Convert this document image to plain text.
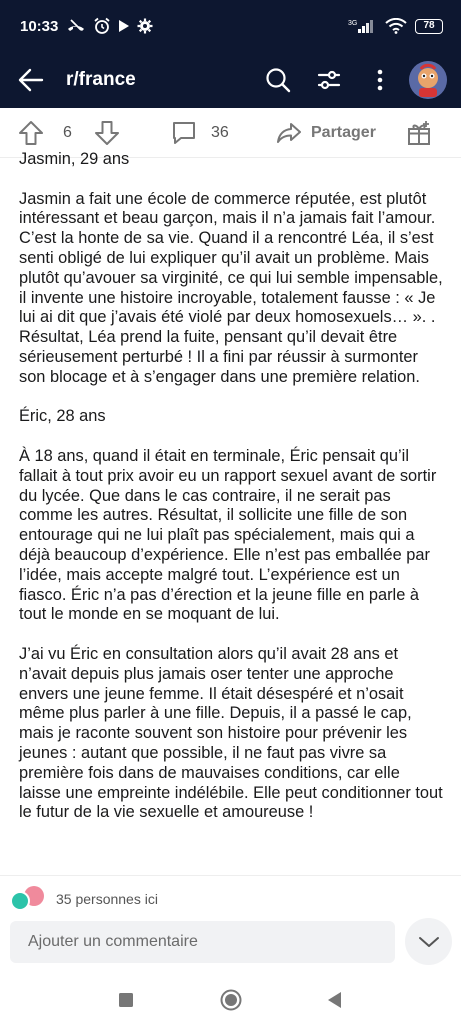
10:33	3G	78
r/france
6	36	Partager

Jasmin, 29 ans

Jasmin a fait une école de commerce réputée, est plutôt intéressant et beau garçon, mais il n’a jamais fait l’amour. C’est la honte de sa vie. Quand il a rencontré Léa, il s’est senti obligé de lui expliquer qu’il avait un problème. Mais plutôt qu’avouer sa virginité, ce qui lui semble impensable, il invente une histoire incroyable, totalement fausse : « Je lui ai dit que j’avais été violé par deux homosexuels… ». . Résultat, Léa prend la fuite, pensant qu’il devait être sérieusement perturbé ! Il a fini par réussir à surmonter son blocage et à s’engager dans une première relation.

Éric, 28 ans

À 18 ans, quand il était en terminale, Éric pensait qu’il fallait à tout prix avoir eu un rapport sexuel avant de sortir du lycée. Que dans le cas contraire, il ne serait pas comme les autres. Résultat, il sollicite une fille de son entourage qui ne lui plaît pas spécialement, mais qui a déjà beaucoup d’expérience. Elle n’est pas emballée par l’idée, mais accepte malgré tout. L’expérience est un fiasco. Éric n’a pas d’érection et la jeune fille en parle à tout le monde en se moquant de lui.

J’ai vu Éric en consultation alors qu’il avait 28 ans et n’avait depuis plus jamais oser tenter une approche envers une jeune femme. Il était désespéré et n’osait même plus parler à une fille. Depuis, il a passé le cap, mais je raconte souvent son histoire pour prévenir les jeunes : autant que possible, il ne faut pas vivre sa première fois dans de mauvaises conditions, car elle laisse une empreinte indélébile. Elle peut conditionner tout le futur de la vie sexuelle et amoureuse !

35 personnes ici
Ajouter un commentaire
